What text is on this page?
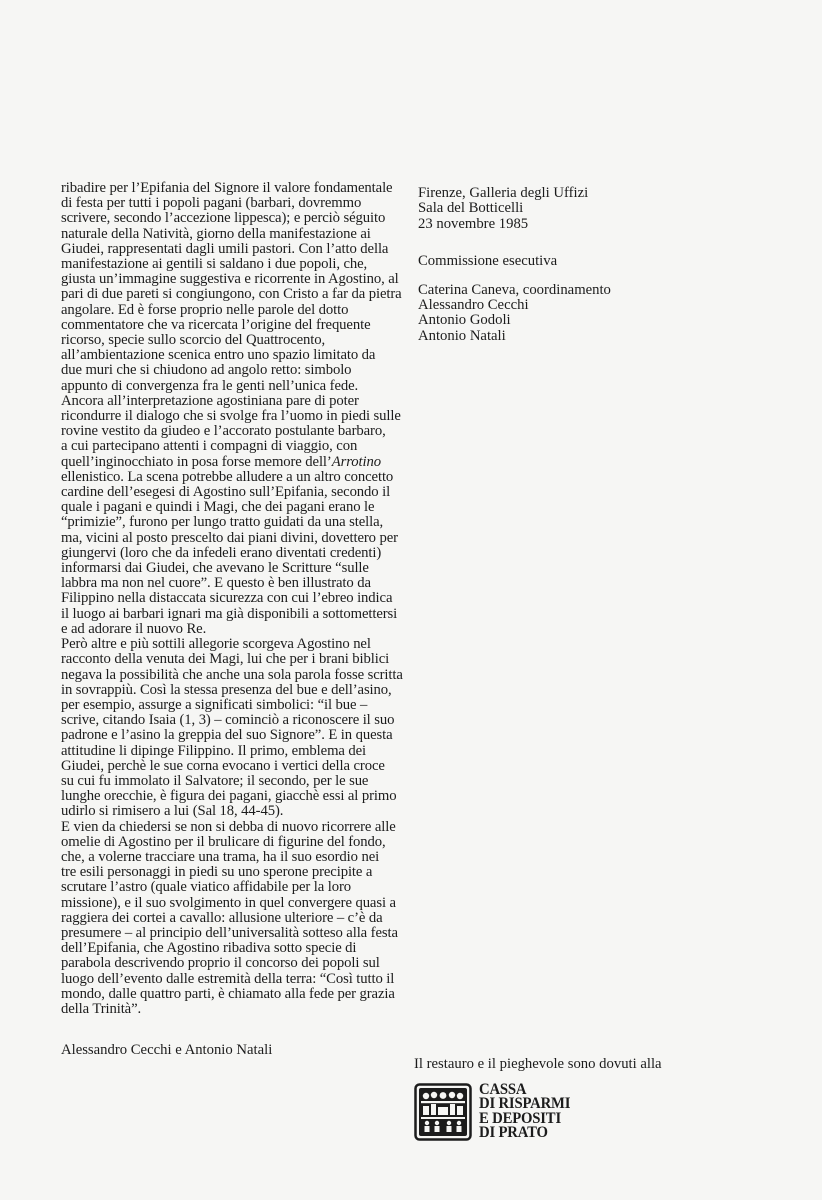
ribadire per l’Epifania del Signore il valore fondamentale
di festa per tutti i popoli pagani (barbari, dovremmo
scrivere, secondo l’accezione lippesca); e perciò séguito
naturale della Natività, giorno della manifestazione ai
Giudei, rappresentati dagli umili pastori. Con l’atto della
manifestazione ai gentili si saldano i due popoli, che,
giusta un’immagine suggestiva e ricorrente in Agostino, al
pari di due pareti si congiungono, con Cristo a far da pietra
angolare. Ed è forse proprio nelle parole del dotto
commentatore che va ricercata l’origine del frequente
ricorso, specie sullo scorcio del Quattrocento,
all’ambientazione scenica entro uno spazio limitato da
due muri che si chiudono ad angolo retto: simbolo
appunto di convergenza fra le genti nell’unica fede.
Ancora all’interpretazione agostiniana pare di poter
ricondurre il dialogo che si svolge fra l’uomo in piedi sulle
rovine vestito da giudeo e l’accorato postulante barbaro,
a cui partecipano attenti i compagni di viaggio, con
quell’inginocchiato in posa forse memore dell’Arrotino
ellenistico. La scena potrebbe alludere a un altro concetto
cardine dell’esegesi di Agostino sull’Epifania, secondo il
quale i pagani e quindi i Magi, che dei pagani erano le
“primizie”, furono per lungo tratto guidati da una stella,
ma, vicini al posto prescelto dai piani divini, dovettero per
giungervi (loro che da infedeli erano diventati credenti)
informarsi dai Giudei, che avevano le Scritture “sulle
labbra ma non nel cuore”. E questo è ben illustrato da
Filippino nella distaccata sicurezza con cui l’ebreo indica
il luogo ai barbari ignari ma già disponibili a sottomettersi
e ad adorare il nuovo Re.
Però altre e più sottili allegorie scorgeva Agostino nel
racconto della venuta dei Magi, lui che per i brani biblici
negava la possibilità che anche una sola parola fosse scritta
in sovrappiù. Così la stessa presenza del bue e dell’asino,
per esempio, assurge a significati simbolici: “il bue –
scrive, citando Isaia (1, 3) – cominciò a riconoscere il suo
padrone e l’asino la greppia del suo Signore”. E in questa
attitudine li dipinge Filippino. Il primo, emblema dei
Giudei, perchè le sue corna evocano i vertici della croce
su cui fu immolato il Salvatore; il secondo, per le sue
lunghe orecchie, è figura dei pagani, giacchè essi al primo
udirlo si rimisero a lui (Sal 18, 44-45).
E vien da chiedersi se non si debba di nuovo ricorrere alle
omelie di Agostino per il brulicare di figurine del fondo,
che, a volerne tracciare una trama, ha il suo esordio nei
tre esili personaggi in piedi su uno sperone precipite a
scrutare l’astro (quale viatico affidabile per la loro
missione), e il suo svolgimento in quel convergere quasi a
raggiera dei cortei a cavallo: allusione ulteriore – c’è da
presumere – al principio dell’universalità sotteso alla festa
dell’Epifania, che Agostino ribadiva sotto specie di
parabola descrivendo proprio il concorso dei popoli sul
luogo dell’evento dalle estremità della terra: “Così tutto il
mondo, dalle quattro parti, è chiamato alla fede per grazia
della Trinità”.

Alessandro Cecchi e Antonio Natali
Firenze, Galleria degli Uffizi
Sala del Botticelli
23 novembre 1985
Commissione esecutiva
Caterina Caneva, coordinamento
Alessandro Cecchi
Antonio Godoli
Antonio Natali
Il restauro e il pieghevole sono dovuti alla
CASSA
DI RISPARMI
E DEPOSITI
DI PRATO
